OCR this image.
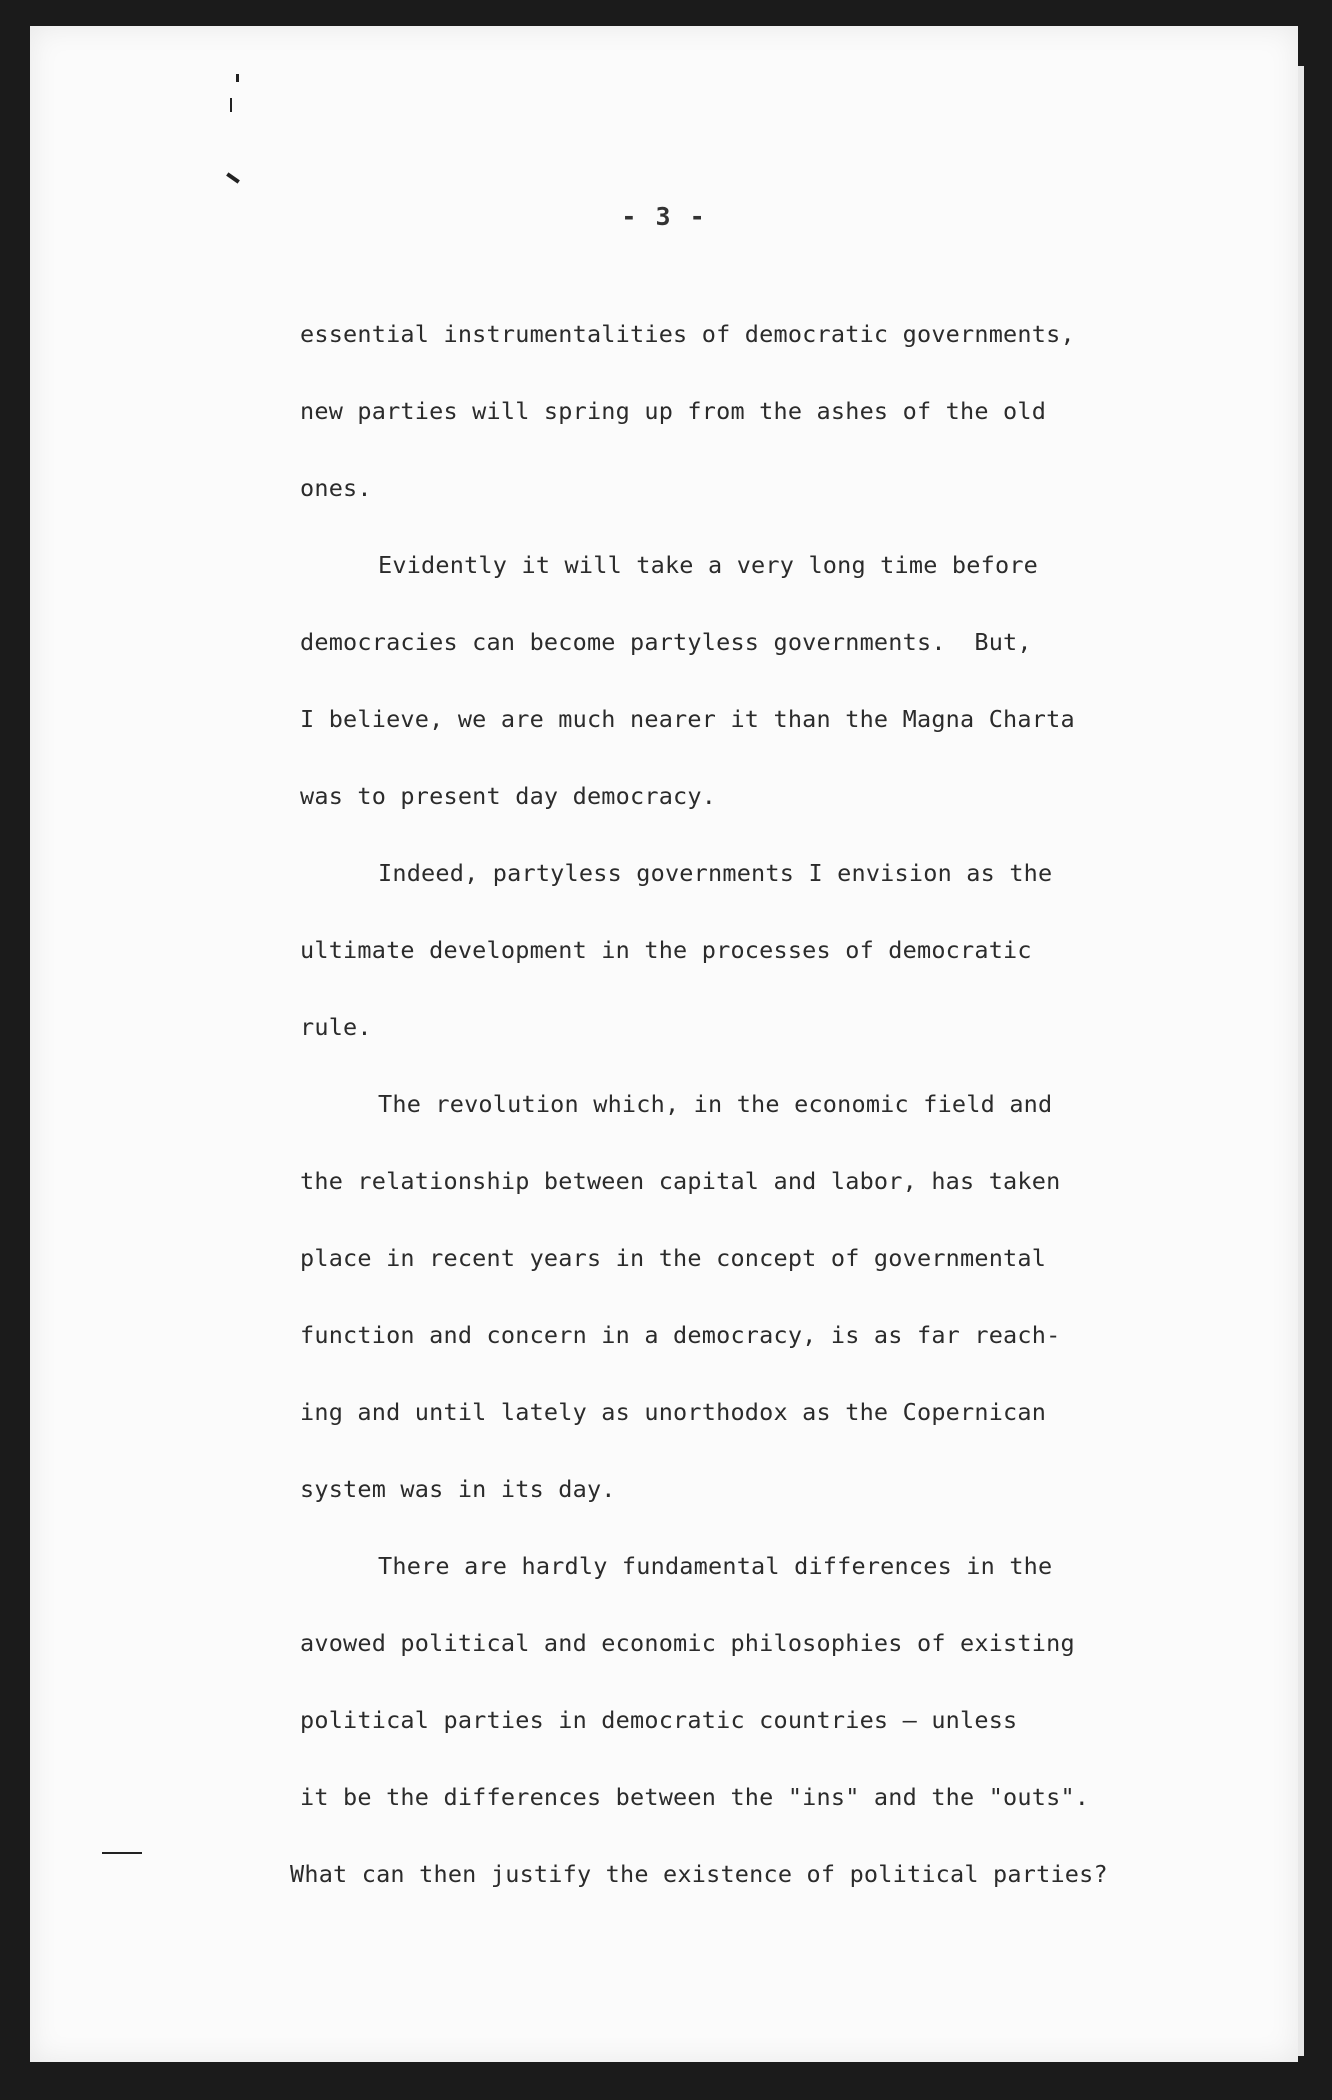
- 3 -
essential instrumentalities of democratic governments,
new parties will spring up from the ashes of the old
ones.
Evidently it will take a very long time before
democracies can become partyless governments.  But,
I believe, we are much nearer it than the Magna Charta
was to present day democracy.
Indeed, partyless governments I envision as the
ultimate development in the processes of democratic
rule.
The revolution which, in the economic field and
the relationship between capital and labor, has taken
place in recent years in the concept of governmental
function and concern in a democracy, is as far reach-
ing and until lately as unorthodox as the Copernican
system was in its day.
There are hardly fundamental differences in the
avowed political and economic philosophies of existing
political parties in democratic countries — unless
it be the differences between the "ins" and the "outs".
What can then justify the existence of political parties?
